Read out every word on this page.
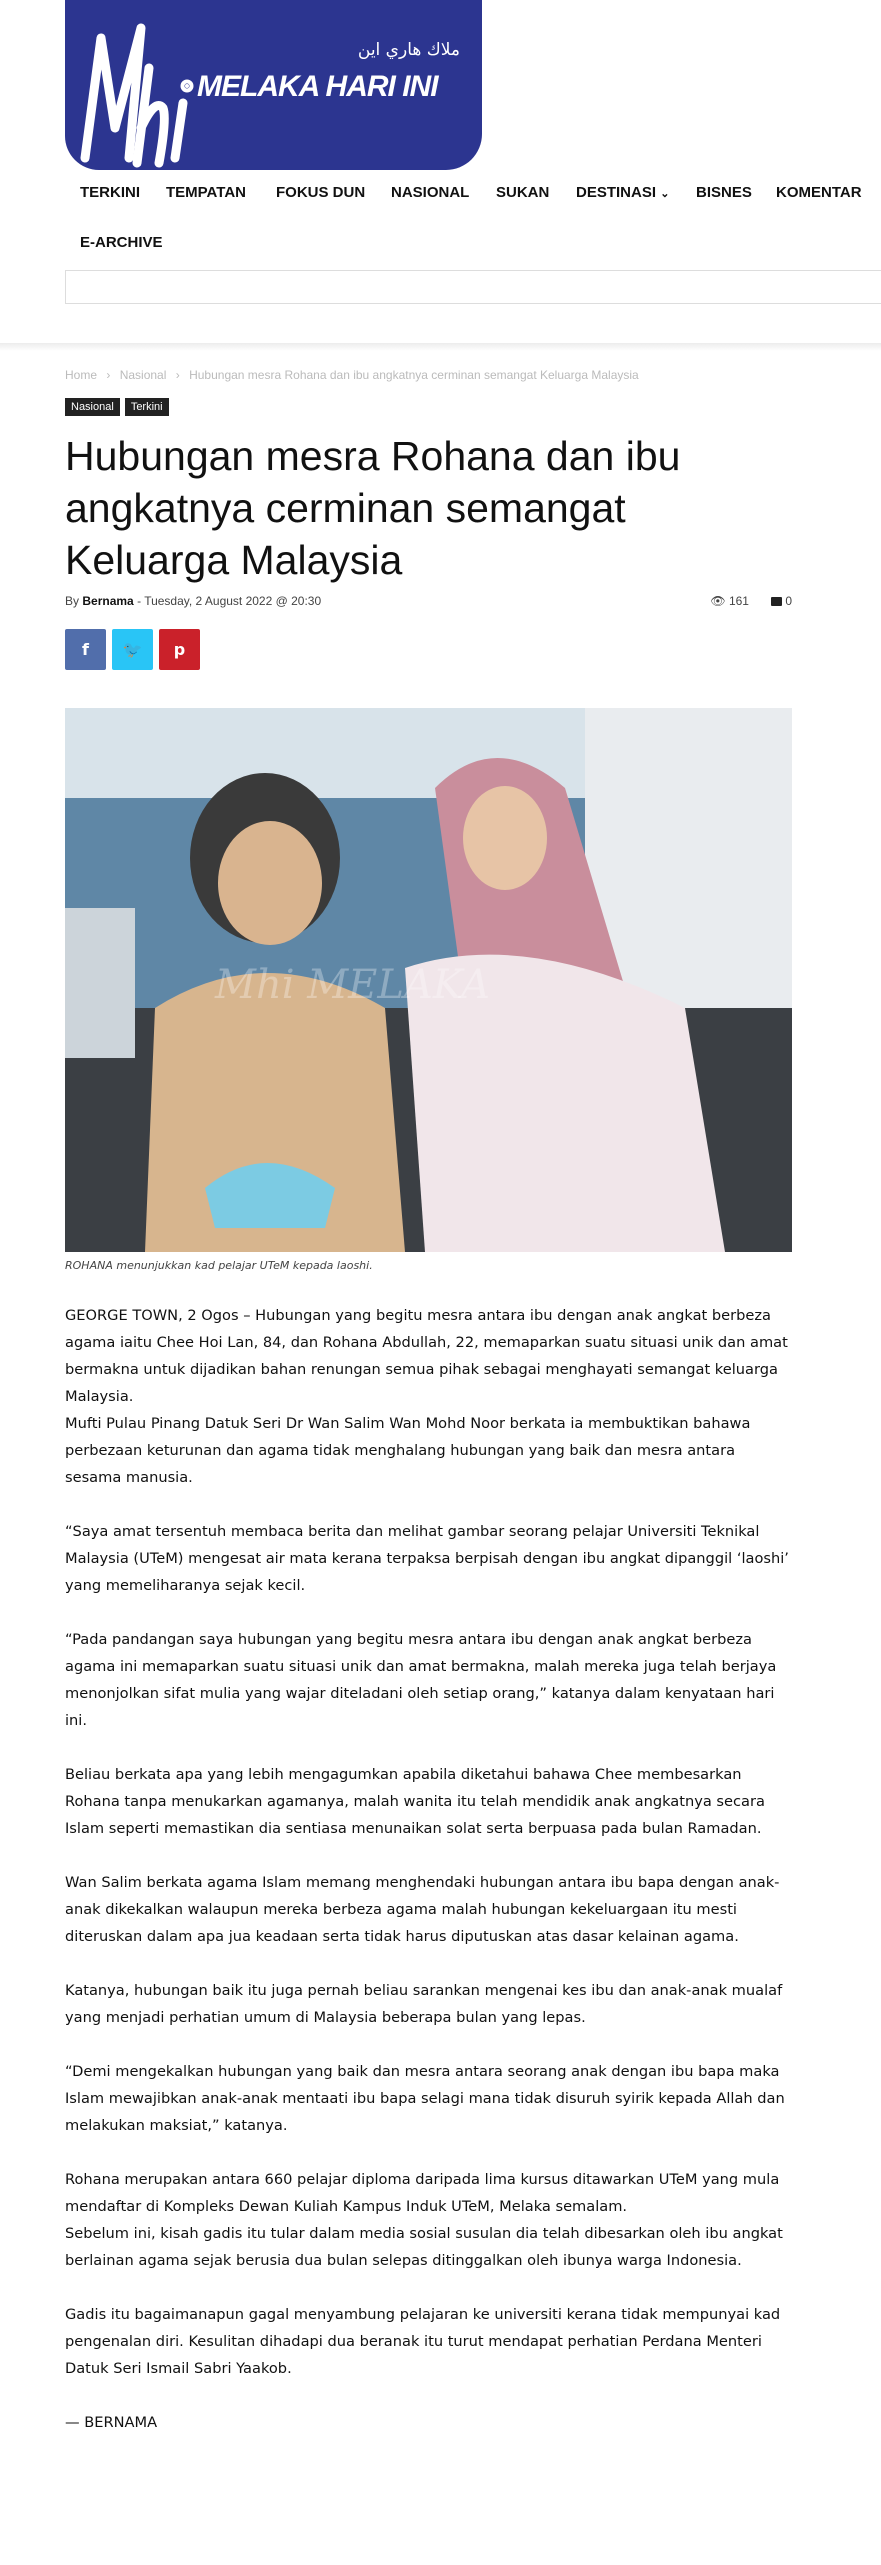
ملاك هاري اين
MELAKA HARI INI
TERKINI TEMPATAN FOKUS DUN NASIONAL SUKAN DESTINASI ⌄ BISNES KOMENTAR
E-ARCHIVE
Home › Nasional › Hubungan mesra Rohana dan ibu angkatnya cerminan semangat Keluarga Malaysia
Nasional	Terkini
Hubungan mesra Rohana dan ibu angkatnya cerminan semangat Keluarga Malaysia
By Bernama - Tuesday, 2 August 2022 @ 20:30	👁 161	0
f 🐦 p
Mhi MELAKA
ROHANA menunjukkan kad pelajar UTeM kepada laoshi.

GEORGE TOWN, 2 Ogos – Hubungan yang begitu mesra antara ibu dengan anak angkat berbeza agama iaitu Chee Hoi Lan, 84, dan Rohana Abdullah, 22, memaparkan suatu situasi unik dan amat bermakna untuk dijadikan bahan renungan semua pihak sebagai menghayati semangat keluarga Malaysia.

Mufti Pulau Pinang Datuk Seri Dr Wan Salim Wan Mohd Noor berkata ia membuktikan bahawa perbezaan keturunan dan agama tidak menghalang hubungan yang baik dan mesra antara sesama manusia.

“Saya amat tersentuh membaca berita dan melihat gambar seorang pelajar Universiti Teknikal Malaysia (UTeM) mengesat air mata kerana terpaksa berpisah dengan ibu angkat dipanggil ‘laoshi’ yang memeliharanya sejak kecil.

“Pada pandangan saya hubungan yang begitu mesra antara ibu dengan anak angkat berbeza agama ini memaparkan suatu situasi unik dan amat bermakna, malah mereka juga telah berjaya menonjolkan sifat mulia yang wajar diteladani oleh setiap orang,” katanya dalam kenyataan hari ini.

Beliau berkata apa yang lebih mengagumkan apabila diketahui bahawa Chee membesarkan Rohana tanpa menukarkan agamanya, malah wanita itu telah mendidik anak angkatnya secara Islam seperti memastikan dia sentiasa menunaikan solat serta berpuasa pada bulan Ramadan.

Wan Salim berkata agama Islam memang menghendaki hubungan antara ibu bapa dengan anak-anak dikekalkan walaupun mereka berbeza agama malah hubungan kekeluargaan itu mesti diteruskan dalam apa jua keadaan serta tidak harus diputuskan atas dasar kelainan agama.

Katanya, hubungan baik itu juga pernah beliau sarankan mengenai kes ibu dan anak-anak mualaf yang menjadi perhatian umum di Malaysia beberapa bulan yang lepas.

“Demi mengekalkan hubungan yang baik dan mesra antara seorang anak dengan ibu bapa maka Islam mewajibkan anak-anak mentaati ibu bapa selagi mana tidak disuruh syirik kepada Allah dan melakukan maksiat,” katanya.

Rohana merupakan antara 660 pelajar diploma daripada lima kursus ditawarkan UTeM yang mula mendaftar di Kompleks Dewan Kuliah Kampus Induk UTeM, Melaka semalam.

Sebelum ini, kisah gadis itu tular dalam media sosial susulan dia telah dibesarkan oleh ibu angkat berlainan agama sejak berusia dua bulan selepas ditinggalkan oleh ibunya warga Indonesia.

Gadis itu bagaimanapun gagal menyambung pelajaran ke universiti kerana tidak mempunyai kad pengenalan diri. Kesulitan dihadapi dua beranak itu turut mendapat perhatian Perdana Menteri Datuk Seri Ismail Sabri Yaakob.

— BERNAMA
